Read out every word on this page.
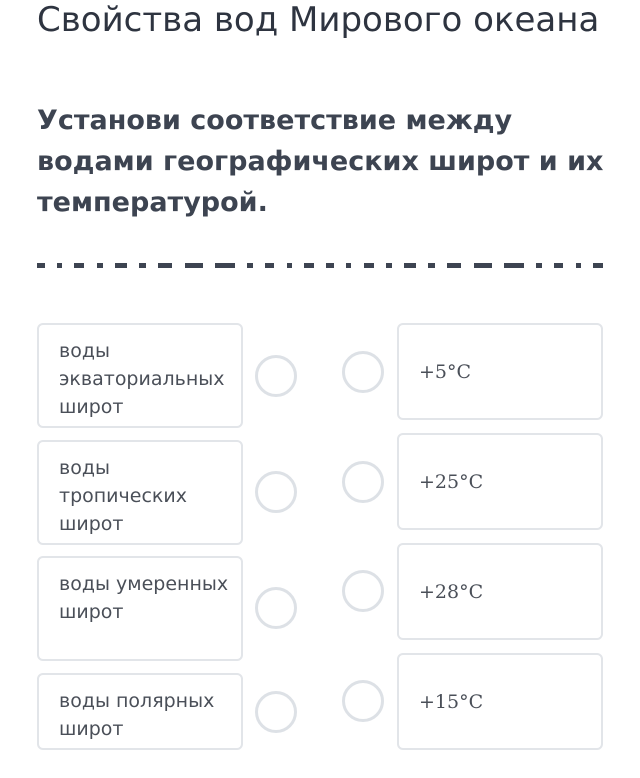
Свойства вод Мирового океана
Установи соответствие между водами географических широт и их температурой.
воды экваториальных широт
воды тропических широт
воды умеренных широт
воды полярных широт
+5°C
+25°C
+28°C
+15°C
